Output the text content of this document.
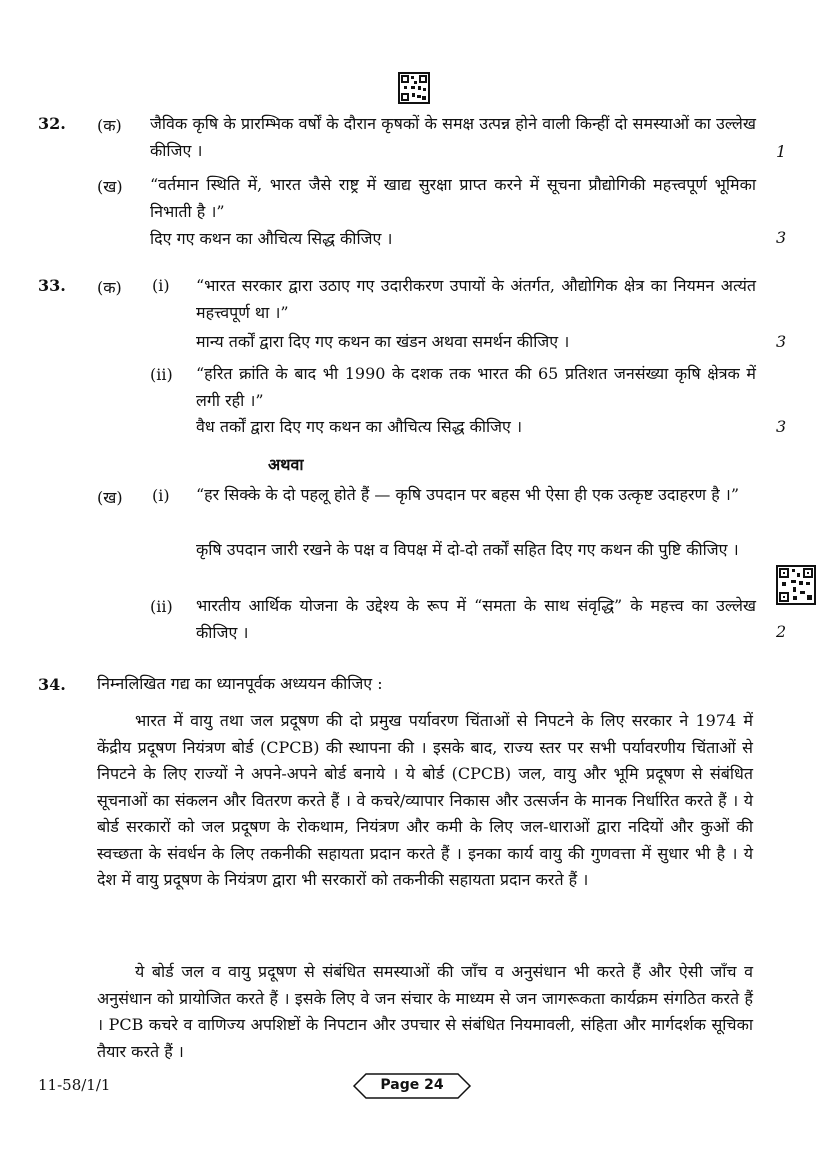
32. (क) जैविक कृषि के प्रारम्भिक वर्षों के दौरान कृषकों के समक्ष उत्पन्न होने वाली किन्हीं दो समस्याओं का उल्लेख कीजिए ।	1
(ख) “वर्तमान स्थिति में, भारत जैसे राष्ट्र में खाद्य सुरक्षा प्राप्त करने में सूचना प्रौद्योगिकी महत्त्वपूर्ण भूमिका निभाती है ।”
दिए गए कथन का औचित्य सिद्ध कीजिए ।	3
33. (क) (i) “भारत सरकार द्वारा उठाए गए उदारीकरण उपायों के अंतर्गत, औद्योगिक क्षेत्र का नियमन अत्यंत महत्त्वपूर्ण था ।”
मान्य तर्कों द्वारा दिए गए कथन का खंडन अथवा समर्थन कीजिए ।	3
(ii) “हरित क्रांति के बाद भी 1990 के दशक तक भारत की 65 प्रतिशत जनसंख्या कृषि क्षेत्रक में लगी रही ।”
वैध तर्कों द्वारा दिए गए कथन का औचित्य सिद्ध कीजिए ।	3
अथवा
(ख) (i) “हर सिक्के के दो पहलू होते हैं — कृषि उपदान पर बहस भी ऐसा ही एक उत्कृष्ट उदाहरण है ।”
कृषि उपदान जारी रखने के पक्ष व विपक्ष में दो-दो तर्कों सहित दिए गए कथन की पुष्टि कीजिए ।
(ii) भारतीय आर्थिक योजना के उद्देश्य के रूप में “समता के साथ संवृद्धि” के महत्त्व का उल्लेख कीजिए ।	2
34. निम्नलिखित गद्य का ध्यानपूर्वक अध्ययन कीजिए :
भारत में वायु तथा जल प्रदूषण की दो प्रमुख पर्यावरण चिंताओं से निपटने के लिए सरकार ने 1974 में केंद्रीय प्रदूषण नियंत्रण बोर्ड (CPCB) की स्थापना की । इसके बाद, राज्य स्तर पर सभी पर्यावरणीय चिंताओं से निपटने के लिए राज्यों ने अपने-अपने बोर्ड बनाये । ये बोर्ड (CPCB) जल, वायु और भूमि प्रदूषण से संबंधित सूचनाओं का संकलन और वितरण करते हैं । वे कचरे/व्यापार निकास और उत्सर्जन के मानक निर्धारित करते हैं । ये बोर्ड सरकारों को जल प्रदूषण के रोकथाम, नियंत्रण और कमी के लिए जल-धाराओं द्वारा नदियों और कुओं की स्वच्छता के संवर्धन के लिए तकनीकी सहायता प्रदान करते हैं । इनका कार्य वायु की गुणवत्ता में सुधार भी है । ये देश में वायु प्रदूषण के नियंत्रण द्वारा भी सरकारों को तकनीकी सहायता प्रदान करते हैं ।
ये बोर्ड जल व वायु प्रदूषण से संबंधित समस्याओं की जाँच व अनुसंधान भी करते हैं और ऐसी जाँच व अनुसंधान को प्रायोजित करते हैं । इसके लिए वे जन संचार के माध्यम से जन जागरूकता कार्यक्रम संगठित करते हैं । PCB कचरे व वाणिज्य अपशिष्टों के निपटान और उपचार से संबंधित नियमावली, संहिता और मार्गदर्शक सूचिका तैयार करते हैं ।
11-58/1/1	Page 24
